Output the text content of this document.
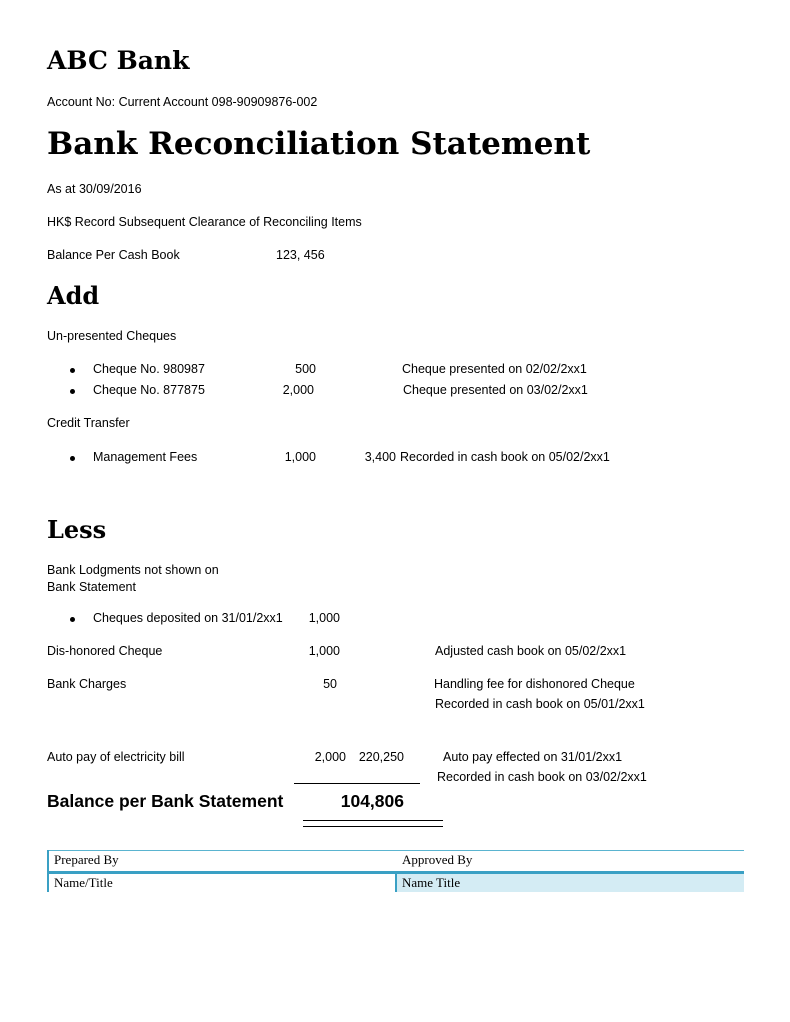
ABC Bank
Account No: Current Account 098-90909876-002
Bank Reconciliation Statement
As at 30/09/2016
HK$ Record Subsequent Clearance of Reconciling Items
Balance Per Cash Book	123, 456
Add
Un-presented Cheques
Cheque No. 980987	500	Cheque presented on 02/02/2xx1
Cheque No. 877875	2,000	Cheque presented on 03/02/2xx1
Credit Transfer
Management Fees	1,000	3,400 Recorded in cash book on 05/02/2xx1
Less
Bank Lodgments not shown on
Bank Statement
Cheques deposited on 31/01/2xx1	1,000
Dis-honored Cheque	1,000	Adjusted cash book on 05/02/2xx1
Bank Charges	50	Handling fee for dishonored Cheque
Recorded in cash book on 05/01/2xx1
Auto pay of electricity bill	2,000	220,250	Auto pay effected on 31/01/2xx1
Recorded in cash book on 03/02/2xx1
Balance per Bank Statement	104,806
Prepared By	Approved By
Name/Title	Name Title
